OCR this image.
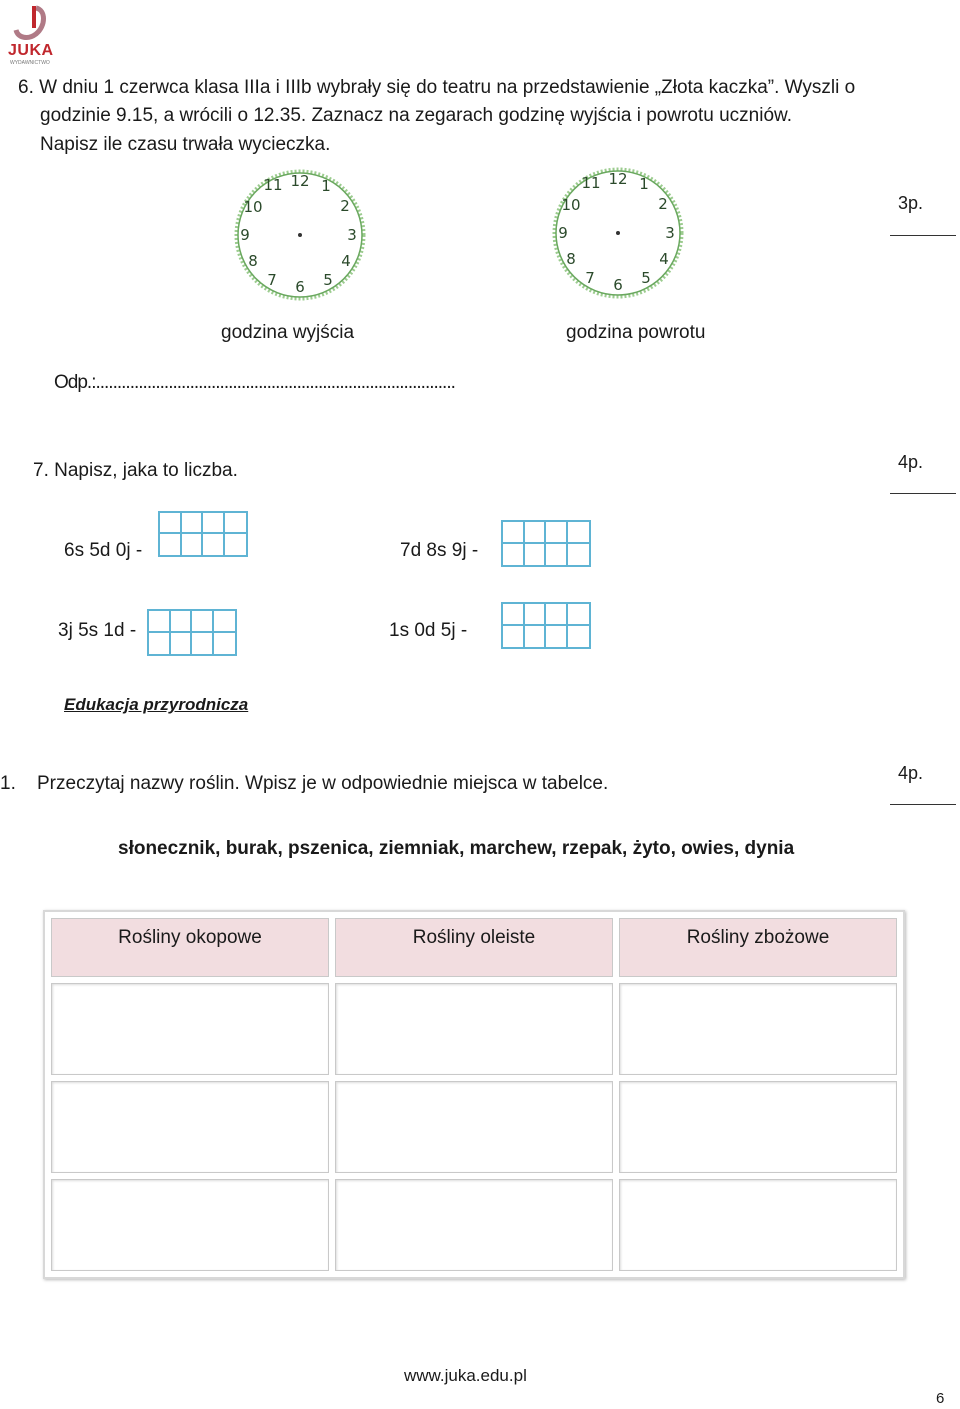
JUKA
WYDAWNICTWO
6. W dniu 1 czerwca klasa IIIa i IIIb wybrały się do teatru na przedstawienie „Złota kaczka”. Wyszli o
godzinie 9.15, a wrócili o 12.35. Zaznacz na zegarach godzinę wyjścia i powrotu uczniów.
Napisz ile czasu trwała wycieczka.
3p.
12 1
2
3
4
5
6
7
8
9
10
11	12 1
2
3
4
5
6
7
8
9
10
11
godzina wyjścia	godzina powrotu
Odp.:....................................................................................
7. Napisz, jaka to liczba.	4p.
6s 5d 0j -	7d 8s 9j -
3j 5s 1d -	1s 0d 5j -
Edukacja przyrodnicza
1. Przeczytaj nazwy roślin. Wpisz je w odpowiednie miejsca w tabelce.	4p.
słonecznik, burak, pszenica, ziemniak, marchew, rzepak, żyto, owies, dynia
Rośliny okopowe	Rośliny oleiste	Rośliny zbożowe

www.juka.edu.pl
6
